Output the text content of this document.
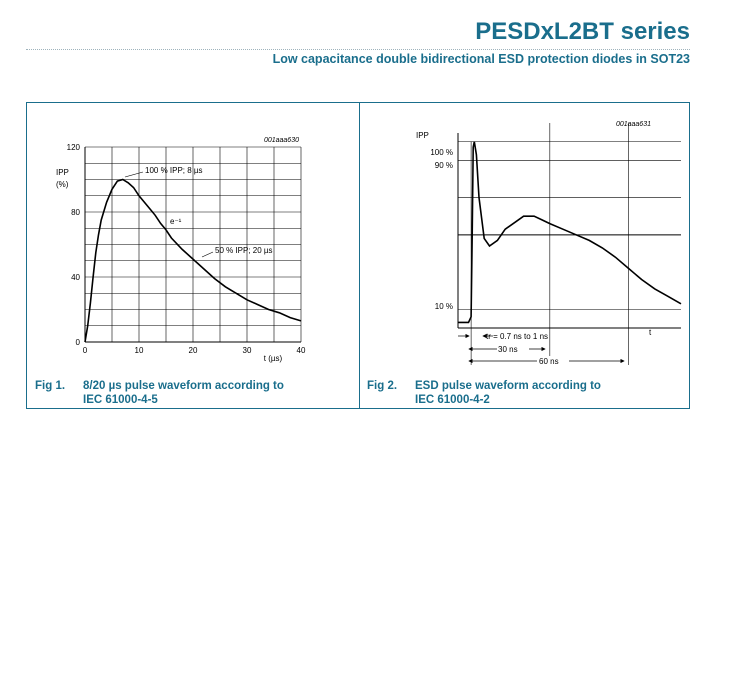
PESDxL2BT series
Low capacitance double bidirectional ESD protection diodes in SOT23
001aaa630
IPP
(%)
t (µs)
0	10	20	30	40
0
40
80
120
100 % IPP; 8 µs
e⁻¹
50 % IPP; 20 µs
001aaa631
IPP
100 %
90 %
10 %
t
tr = 0.7 ns to 1 ns
30 ns
60 ns
Fig 1. 8/20 µs pulse waveform according to
IEC 61000-4-5
Fig 2. ESD pulse waveform according to
IEC 61000-4-2
